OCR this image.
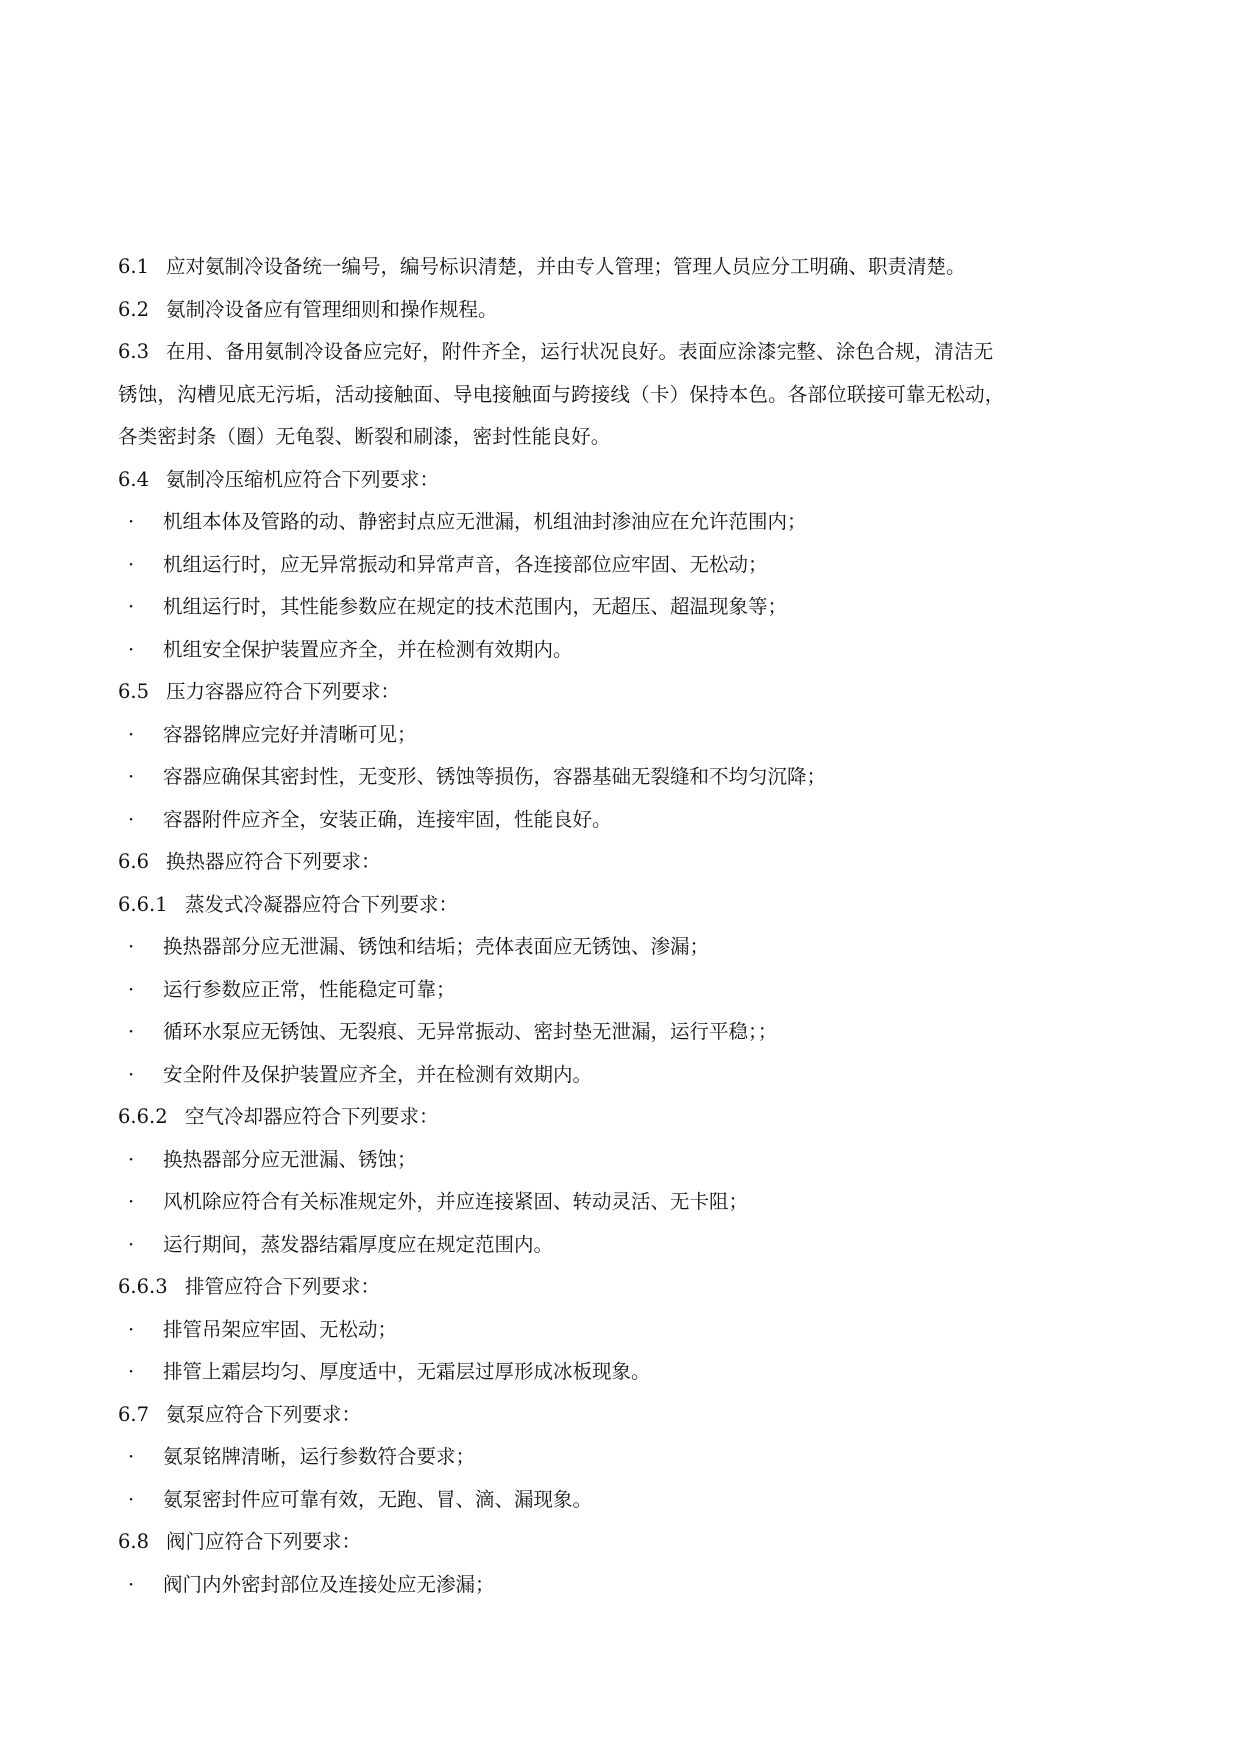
6.1 应对氨制冷设备统一编号，编号标识清楚，并由专人管理；管理人员应分工明确、职责清楚。
6.2 氨制冷设备应有管理细则和操作规程。
6.3 在用、备用氨制冷设备应完好，附件齐全，运行状况良好。表面应涂漆完整、涂色合规，清洁无
锈蚀，沟槽见底无污垢，活动接触面、导电接触面与跨接线（卡）保持本色。各部位联接可靠无松动，
各类密封条（圈）无龟裂、断裂和刷漆，密封性能良好。
6.4 氨制冷压缩机应符合下列要求：
·	机组本体及管路的动、静密封点应无泄漏，机组油封渗油应在允许范围内；
·	机组运行时，应无异常振动和异常声音，各连接部位应牢固、无松动；
·	机组运行时，其性能参数应在规定的技术范围内，无超压、超温现象等；
·	机组安全保护装置应齐全，并在检测有效期内。
6.5 压力容器应符合下列要求：
·	容器铭牌应完好并清晰可见；
·	容器应确保其密封性，无变形、锈蚀等损伤，容器基础无裂缝和不均匀沉降；
·	容器附件应齐全，安装正确，连接牢固，性能良好。
6.6 换热器应符合下列要求：
6.6.1 蒸发式冷凝器应符合下列要求：
·	换热器部分应无泄漏、锈蚀和结垢；壳体表面应无锈蚀、渗漏；
·	运行参数应正常，性能稳定可靠；
·	循环水泵应无锈蚀、无裂痕、无异常振动、密封垫无泄漏，运行平稳；；
·	安全附件及保护装置应齐全，并在检测有效期内。
6.6.2 空气冷却器应符合下列要求：
·	换热器部分应无泄漏、锈蚀；
·	风机除应符合有关标准规定外，并应连接紧固、转动灵活、无卡阻；
·	运行期间，蒸发器结霜厚度应在规定范围内。
6.6.3 排管应符合下列要求：
·	排管吊架应牢固、无松动；
·	排管上霜层均匀、厚度适中，无霜层过厚形成冰板现象。
6.7 氨泵应符合下列要求：
·	氨泵铭牌清晰，运行参数符合要求；
·	氨泵密封件应可靠有效，无跑、冒、滴、漏现象。
6.8 阀门应符合下列要求：
·	阀门内外密封部位及连接处应无渗漏；
